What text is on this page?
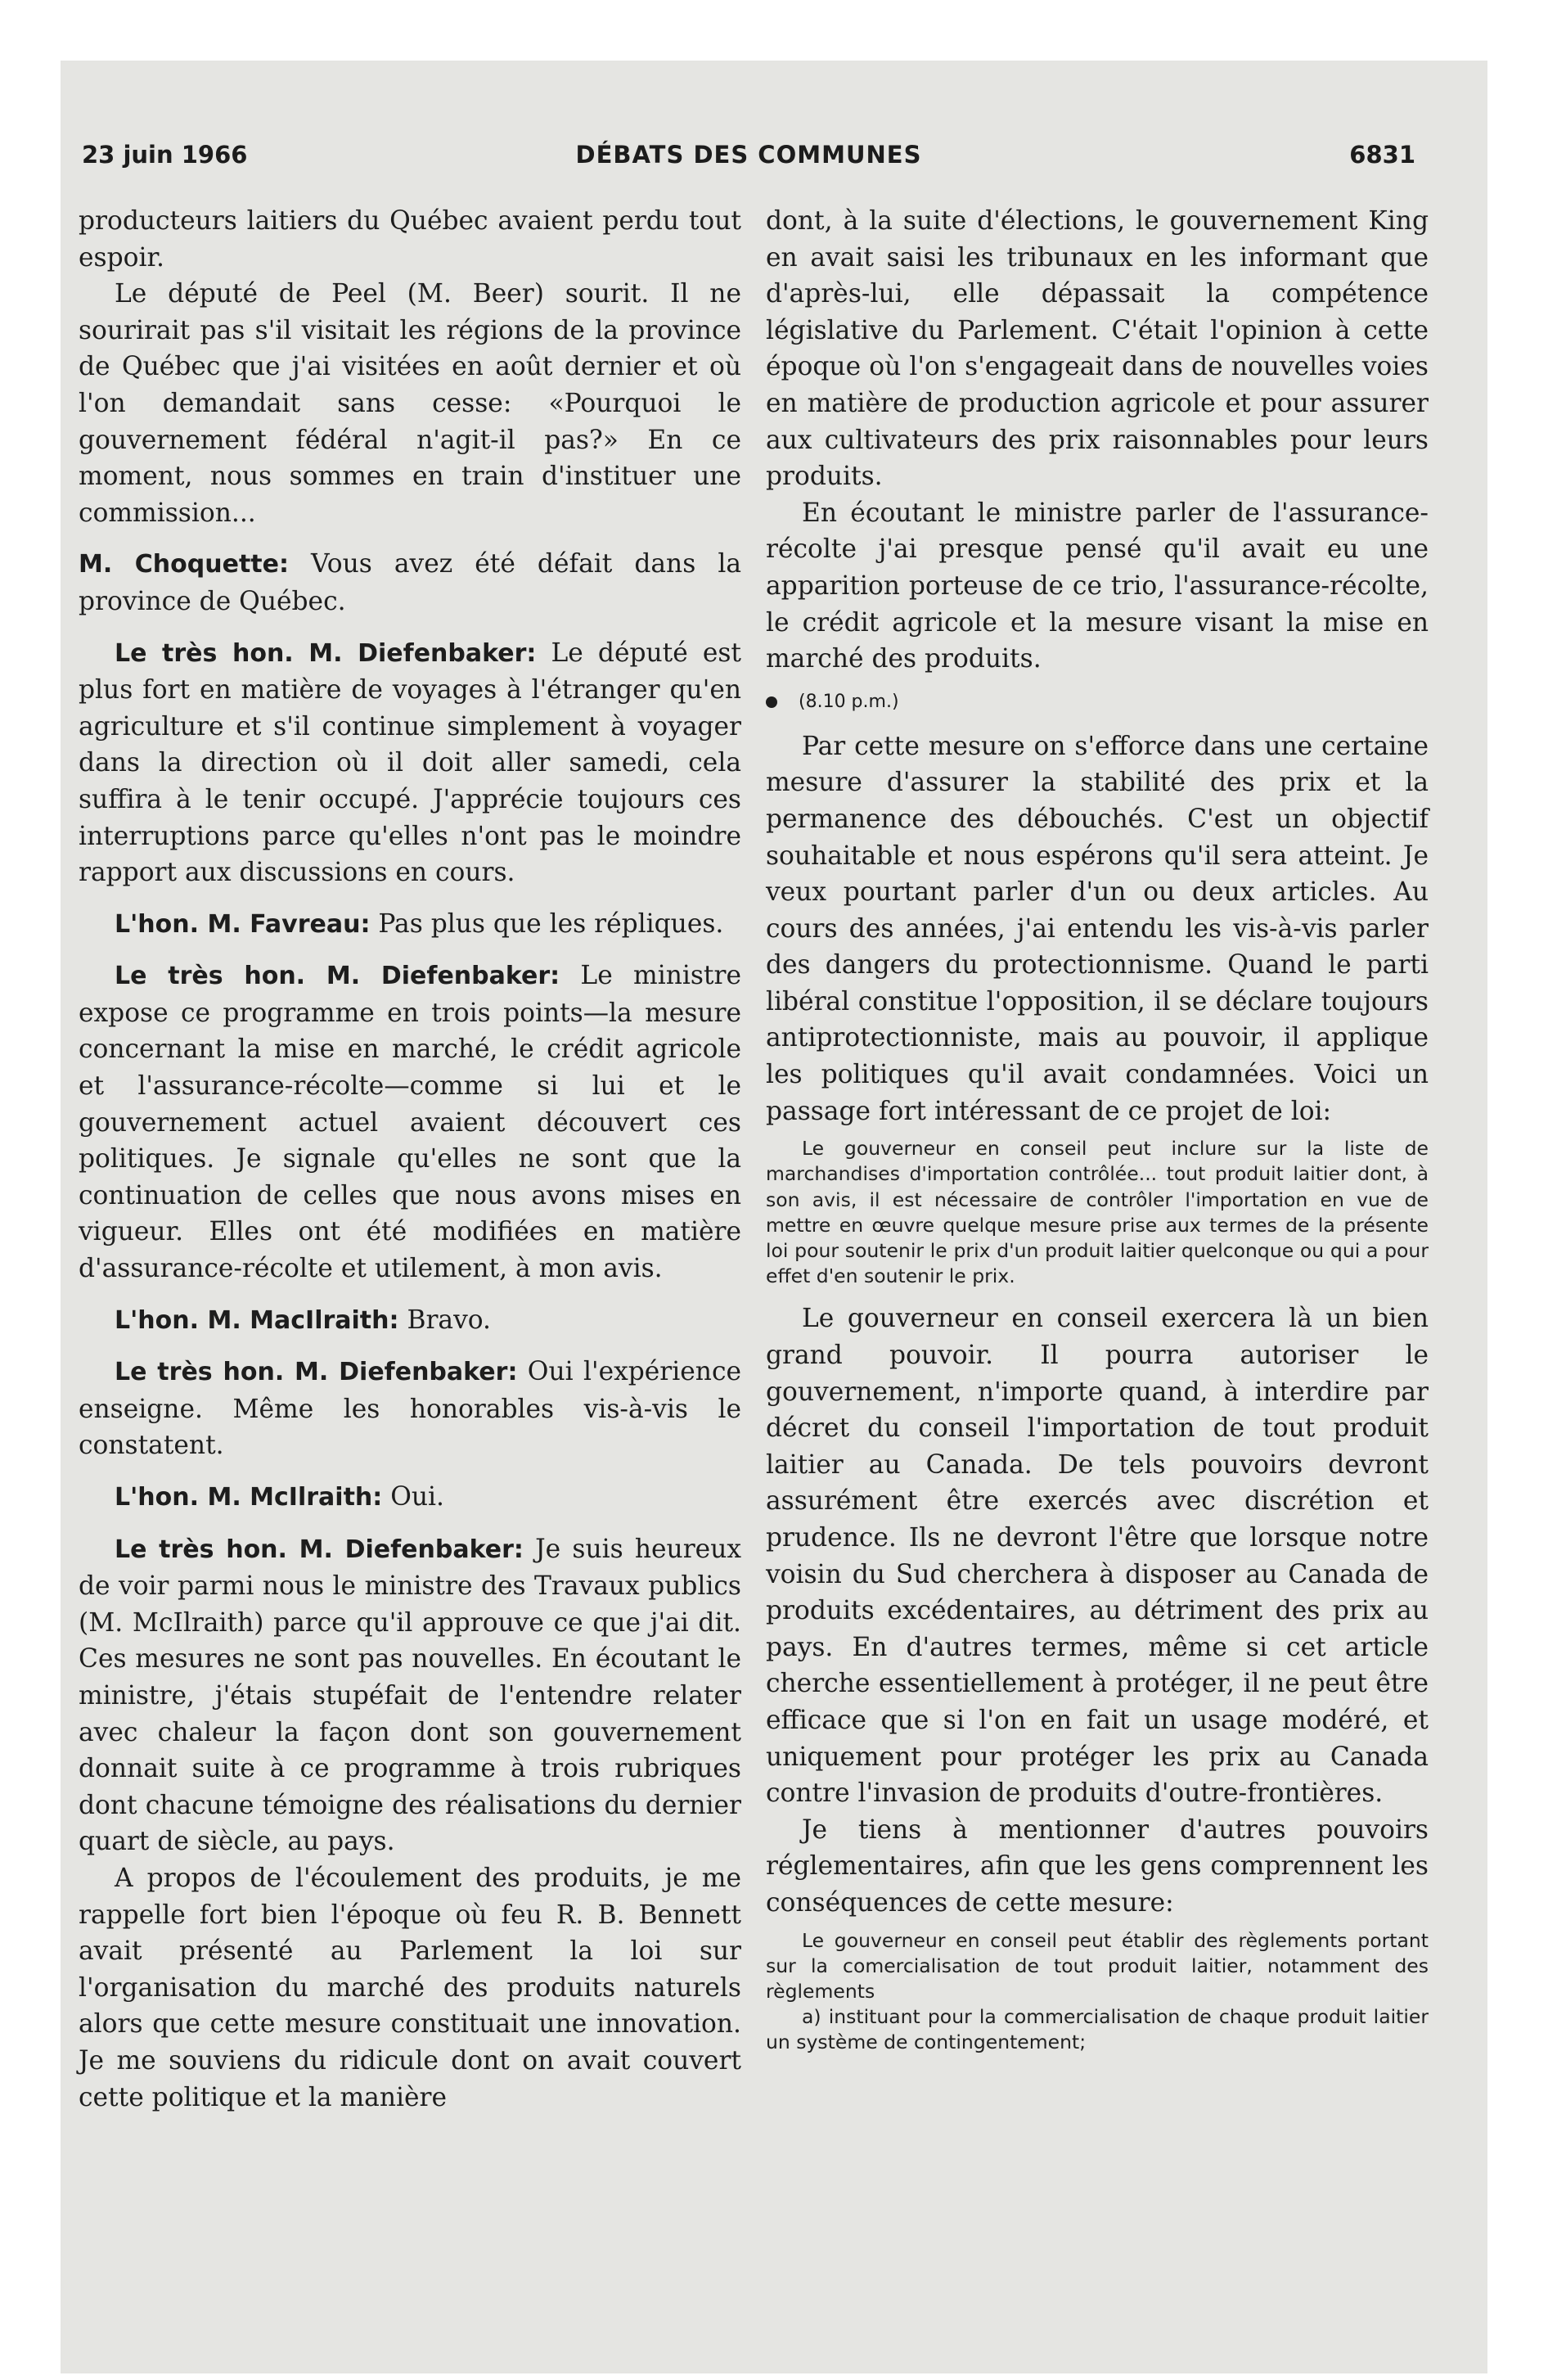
23 juin 1966	DÉBATS DES COMMUNES	6831

producteurs laitiers du Québec avaient perdu tout espoir.

Le député de Peel (M. Beer) sourit. Il ne sourirait pas s'il visitait les régions de la province de Québec que j'ai visitées en août dernier et où l'on demandait sans cesse: «Pourquoi le gouvernement fédéral n'agit-il pas?» En ce moment, nous sommes en train d'instituer une commission...

M. Choquette: Vous avez été défait dans la province de Québec.

Le très hon. M. Diefenbaker: Le député est plus fort en matière de voyages à l'étranger qu'en agriculture et s'il continue simplement à voyager dans la direction où il doit aller samedi, cela suffira à le tenir occupé. J'apprécie toujours ces interruptions parce qu'elles n'ont pas le moindre rapport aux discussions en cours.

L'hon. M. Favreau: Pas plus que les répliques.

Le très hon. M. Diefenbaker: Le ministre expose ce programme en trois points—la mesure concernant la mise en marché, le crédit agricole et l'assurance-récolte—comme si lui et le gouvernement actuel avaient découvert ces politiques. Je signale qu'elles ne sont que la continuation de celles que nous avons mises en vigueur. Elles ont été modifiées en matière d'assurance-récolte et utilement, à mon avis.

L'hon. M. MacIlraith: Bravo.

Le très hon. M. Diefenbaker: Oui l'expérience enseigne. Même les honorables vis-à-vis le constatent.

L'hon. M. McIlraith: Oui.

Le très hon. M. Diefenbaker: Je suis heureux de voir parmi nous le ministre des Travaux publics (M. McIlraith) parce qu'il approuve ce que j'ai dit. Ces mesures ne sont pas nouvelles. En écoutant le ministre, j'étais stupéfait de l'entendre relater avec chaleur la façon dont son gouvernement donnait suite à ce programme à trois rubriques dont chacune témoigne des réalisations du dernier quart de siècle, au pays.

A propos de l'écoulement des produits, je me rappelle fort bien l'époque où feu R. B. Bennett avait présenté au Parlement la loi sur l'organisation du marché des produits naturels alors que cette mesure constituait une innovation. Je me souviens du ridicule dont on avait couvert cette politique et la manière

dont, à la suite d'élections, le gouvernement King en avait saisi les tribunaux en les informant que d'après-lui, elle dépassait la compétence législative du Parlement. C'était l'opinion à cette époque où l'on s'engageait dans de nouvelles voies en matière de production agricole et pour assurer aux cultivateurs des prix raisonnables pour leurs produits.

En écoutant le ministre parler de l'assurance-récolte j'ai presque pensé qu'il avait eu une apparition porteuse de ce trio, l'assurance-récolte, le crédit agricole et la mesure visant la mise en marché des produits.

(8.10 p.m.)

Par cette mesure on s'efforce dans une certaine mesure d'assurer la stabilité des prix et la permanence des débouchés. C'est un objectif souhaitable et nous espérons qu'il sera atteint. Je veux pourtant parler d'un ou deux articles. Au cours des années, j'ai entendu les vis-à-vis parler des dangers du protectionnisme. Quand le parti libéral constitue l'opposition, il se déclare toujours antiprotectionniste, mais au pouvoir, il applique les politiques qu'il avait condamnées. Voici un passage fort intéressant de ce projet de loi:

Le gouverneur en conseil peut inclure sur la liste de marchandises d'importation contrôlée... tout produit laitier dont, à son avis, il est nécessaire de contrôler l'importation en vue de mettre en œuvre quelque mesure prise aux termes de la présente loi pour soutenir le prix d'un produit laitier quelconque ou qui a pour effet d'en soutenir le prix.

Le gouverneur en conseil exercera là un bien grand pouvoir. Il pourra autoriser le gouvernement, n'importe quand, à interdire par décret du conseil l'importation de tout produit laitier au Canada. De tels pouvoirs devront assurément être exercés avec discrétion et prudence. Ils ne devront l'être que lorsque notre voisin du Sud cherchera à disposer au Canada de produits excédentaires, au détriment des prix au pays. En d'autres termes, même si cet article cherche essentiellement à protéger, il ne peut être efficace que si l'on en fait un usage modéré, et uniquement pour protéger les prix au Canada contre l'invasion de produits d'outre-frontières.

Je tiens à mentionner d'autres pouvoirs réglementaires, afin que les gens comprennent les conséquences de cette mesure:

Le gouverneur en conseil peut établir des règlements portant sur la comercialisation de tout produit laitier, notamment des règlements
a) instituant pour la commercialisation de chaque produit laitier un système de contingentement;
